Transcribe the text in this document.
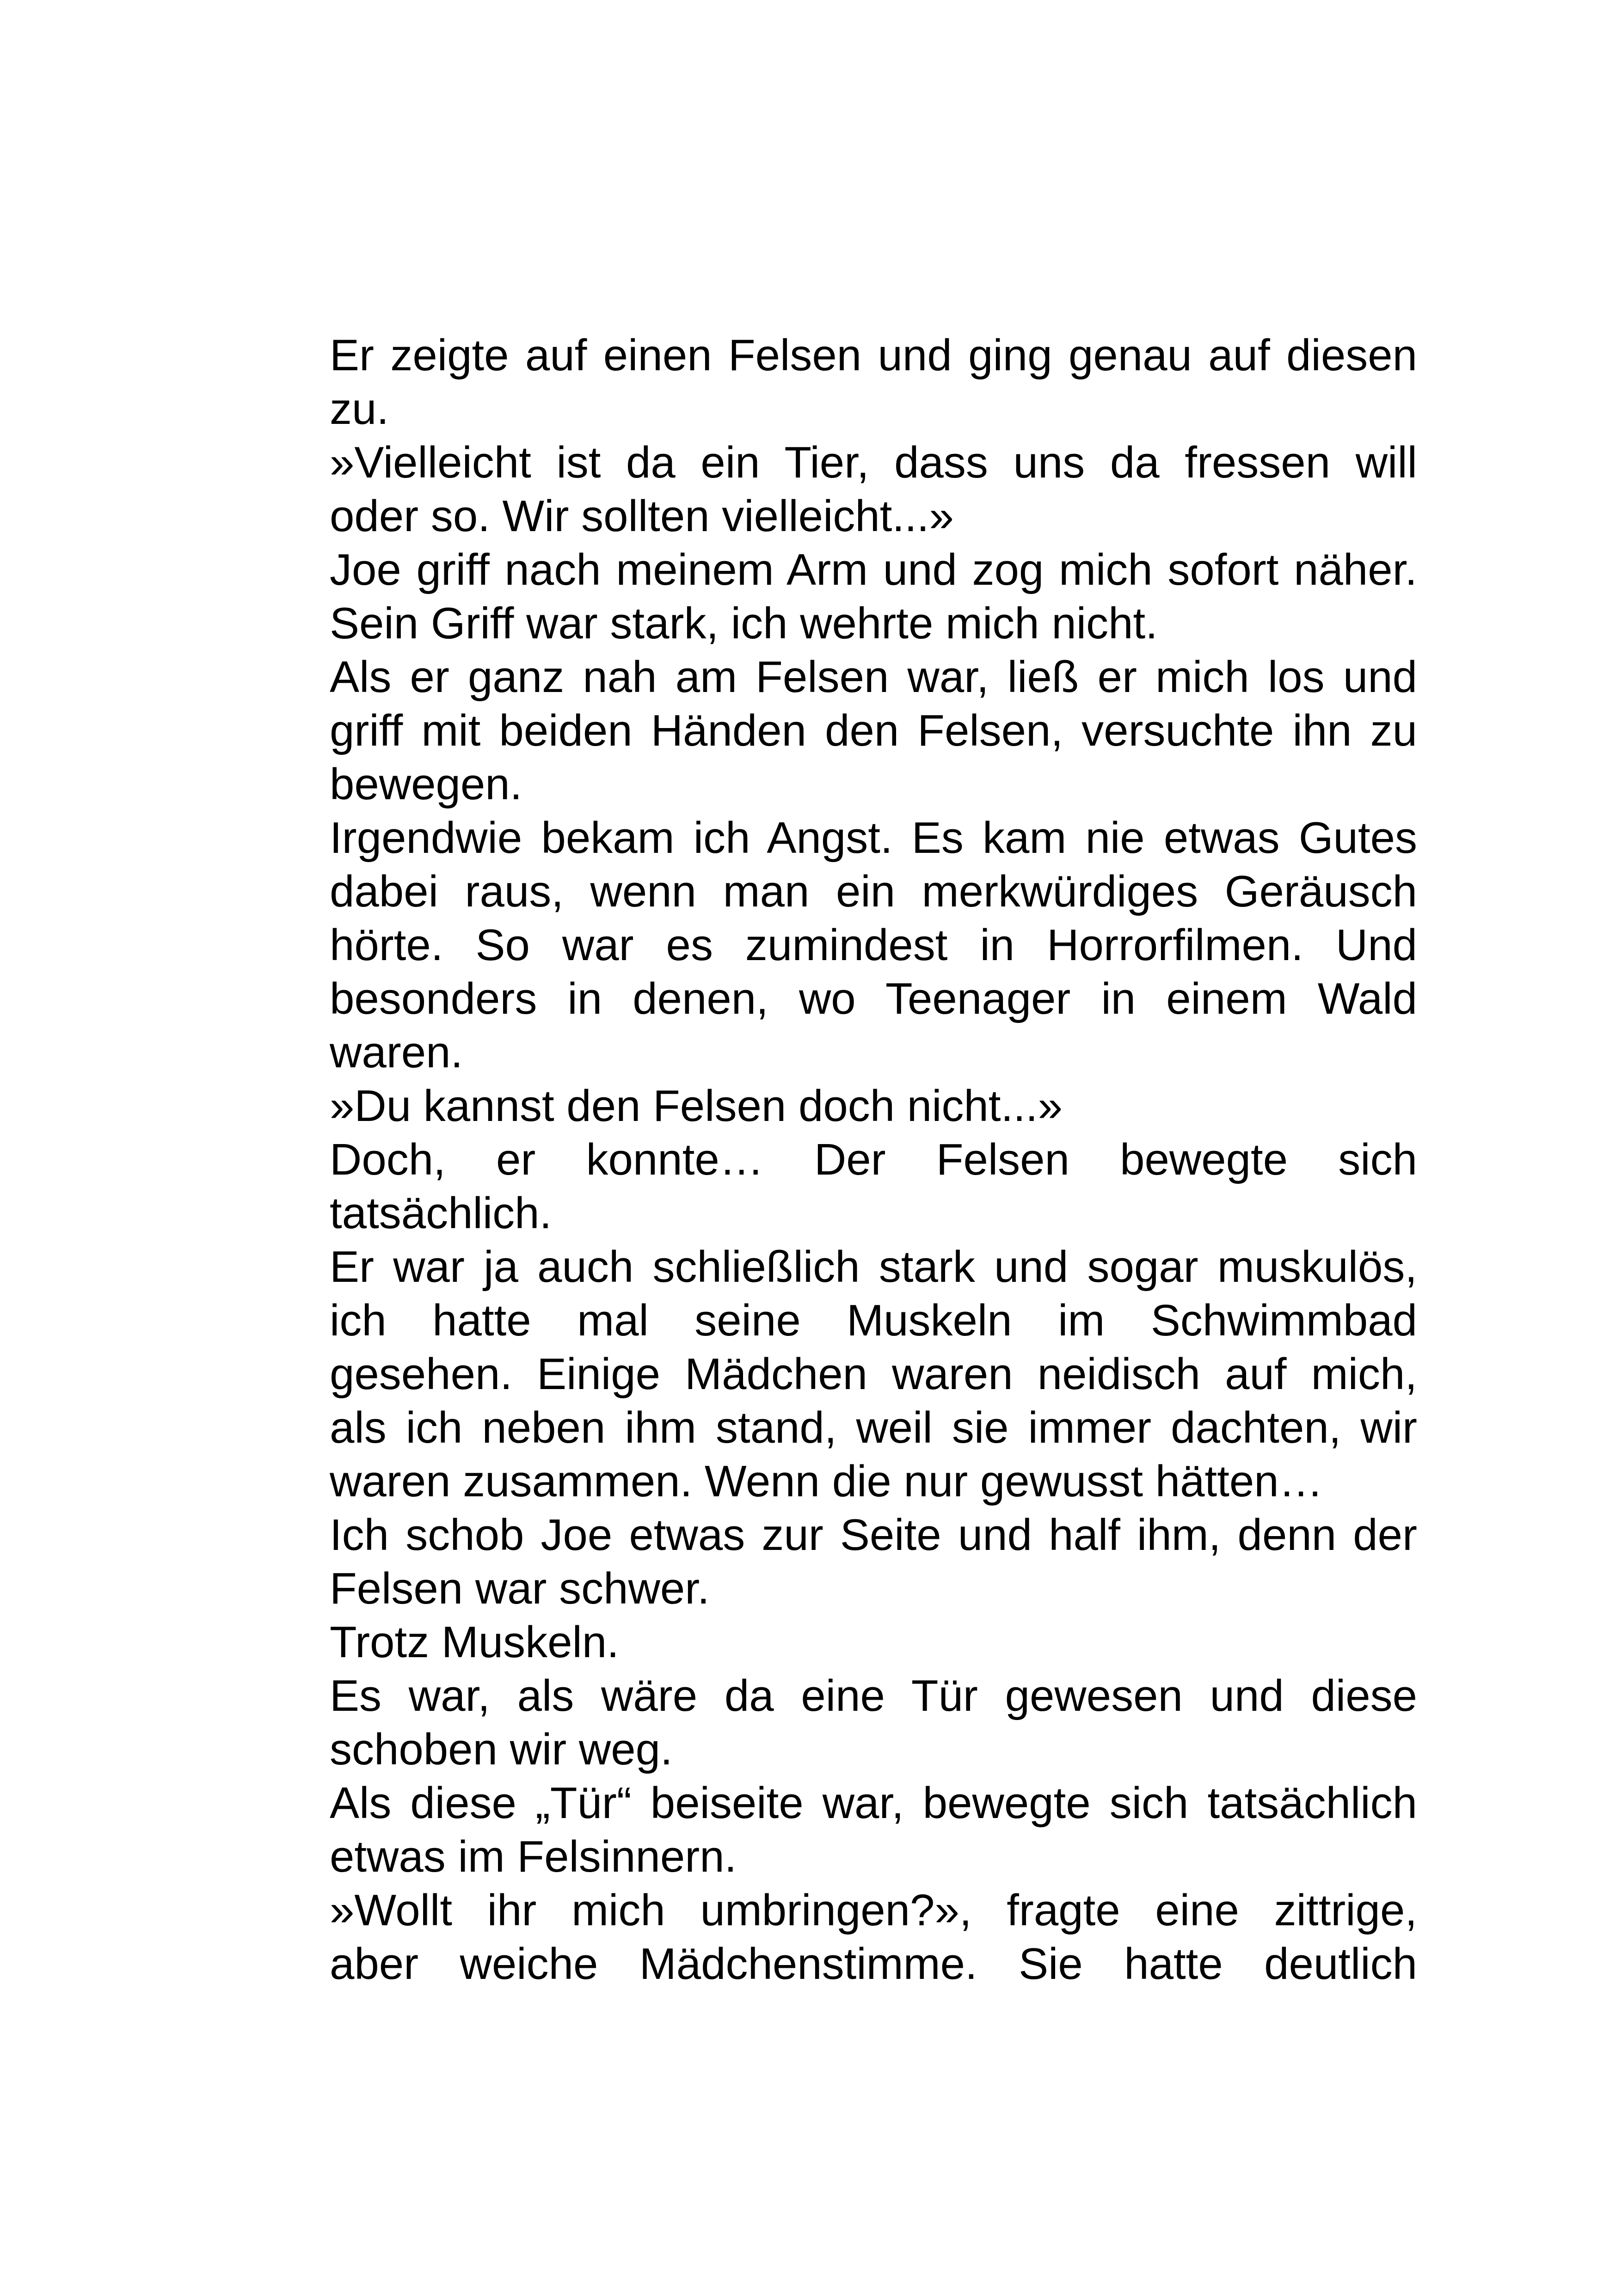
Er zeigte auf einen Felsen und ging genau auf diesen
zu.
»Vielleicht ist da ein Tier, dass uns da fressen will
oder so. Wir sollten vielleicht...»
Joe griff nach meinem Arm und zog mich sofort näher.
Sein Griff war stark, ich wehrte mich nicht.
Als er ganz nah am Felsen war, ließ er mich los und
griff mit beiden Händen den Felsen, versuchte ihn zu
bewegen.
Irgendwie bekam ich Angst. Es kam nie etwas Gutes
dabei raus, wenn man ein merkwürdiges Geräusch
hörte. So war es zumindest in Horrorfilmen. Und
besonders in denen, wo Teenager in einem Wald
waren.
»Du kannst den Felsen doch nicht...»
Doch, er konnte… Der Felsen bewegte sich
tatsächlich.
Er war ja auch schließlich stark und sogar muskulös,
ich hatte mal seine Muskeln im Schwimmbad
gesehen. Einige Mädchen waren neidisch auf mich,
als ich neben ihm stand, weil sie immer dachten, wir
waren zusammen. Wenn die nur gewusst hätten…
Ich schob Joe etwas zur Seite und half ihm, denn der
Felsen war schwer.
Trotz Muskeln.
Es war, als wäre da eine Tür gewesen und diese
schoben wir weg.
Als diese „Tür“ beiseite war, bewegte sich tatsächlich
etwas im Felsinnern.
»Wollt ihr mich umbringen?», fragte eine zittrige,
aber weiche Mädchenstimme. Sie hatte deutlich
